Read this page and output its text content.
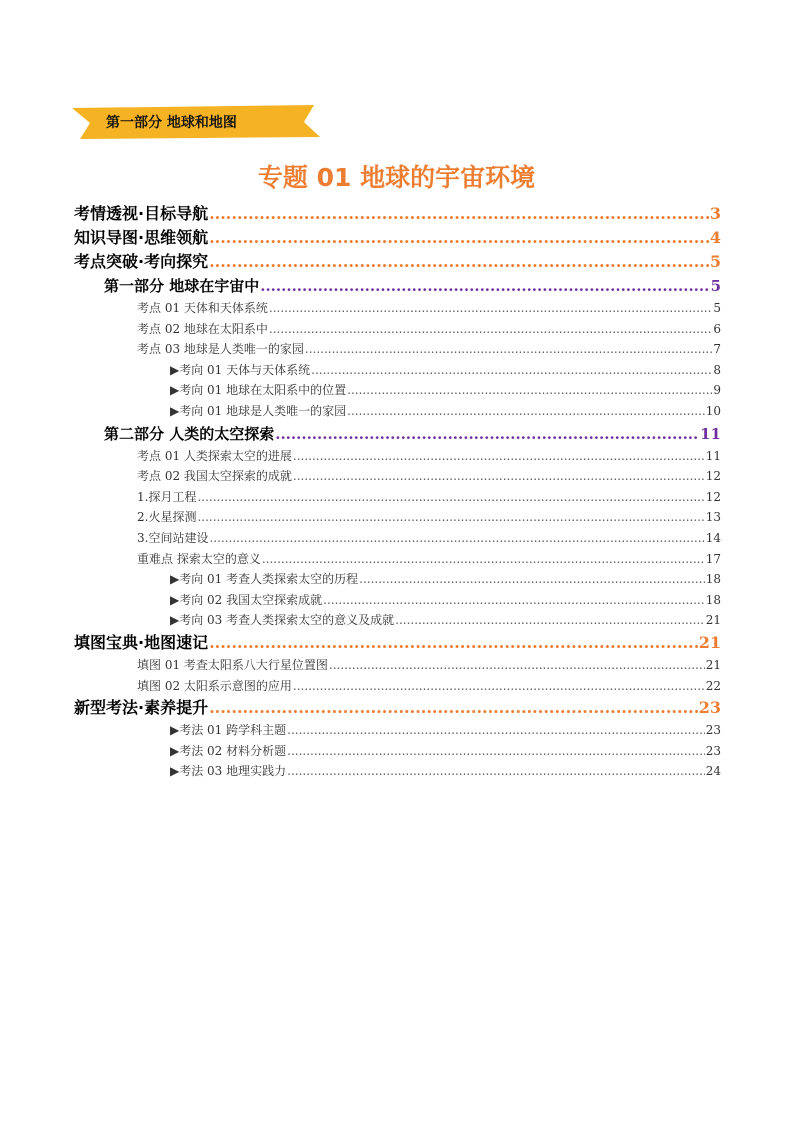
第一部分 地球和地图
专题 01 地球的宇宙环境
考情透视·目标导航 .....	3
知识导图·思维领航 .....	4
考点突破·考向探究 .....	5
第一部分 地球在宇宙中 .....	5
考点 01 天体和天体系统 .....	5
考点 02 地球在太阳系中 .....	6
考点 03 地球是人类唯一的家园 .....	7
▶考向 01 天体与天体系统 .....	8
▶考向 01 地球在太阳系中的位置 .....	9
▶考向 01 地球是人类唯一的家园 .....	10
第二部分 人类的太空探索 .....	11
考点 01 人类探索太空的进展 .....	11
考点 02 我国太空探索的成就 .....	12
1.探月工程 .....	12
2.火星探测 .....	13
3.空间站建设 .....	14
重难点 探索太空的意义 .....	17
▶考向 01 考查人类探索太空的历程 .....	18
▶考向 02 我国太空探索成就 .....	18
▶考向 03 考查人类探索太空的意义及成就 .....	21
填图宝典·地图速记 .....	21
填图 01 考查太阳系八大行星位置图 .....	21
填图 02 太阳系示意图的应用 .....	22
新型考法·素养提升 .....	23
▶考法 01 跨学科主题 .....	23
▶考法 02 材料分析题 .....	23
▶考法 03 地理实践力 .....	24
